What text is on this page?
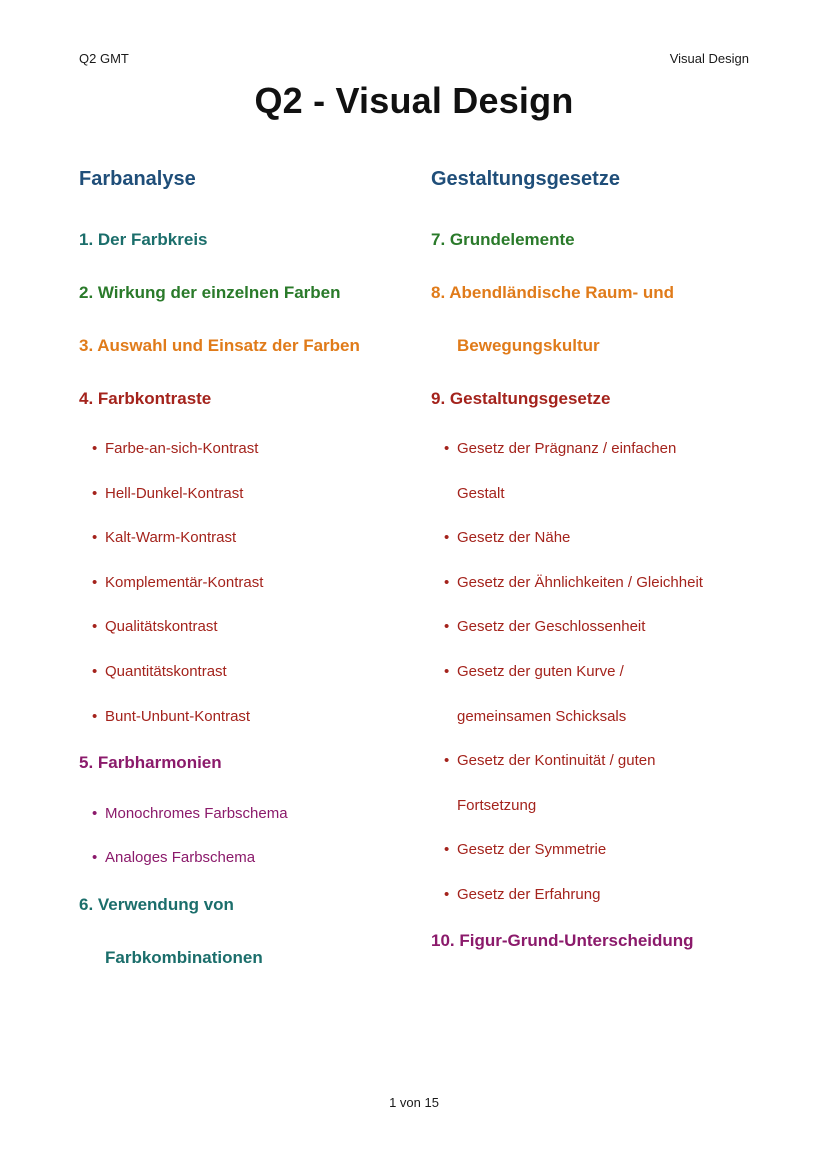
Q2 GMT	Visual Design
Q2 - Visual Design
Farbanalyse
1. Der Farbkreis
2. Wirkung der einzelnen Farben
3. Auswahl und Einsatz der Farben
4. Farbkontraste
• Farbe-an-sich-Kontrast
• Hell-Dunkel-Kontrast
• Kalt-Warm-Kontrast
• Komplementär-Kontrast
• Qualitätskontrast
• Quantitätskontrast
• Bunt-Unbunt-Kontrast
5. Farbharmonien
• Monochromes Farbschema
• Analoges Farbschema
6. Verwendung von
Farbkombinationen
Gestaltungsgesetze
7. Grundelemente
8. Abendländische Raum- und
Bewegungskultur
9. Gestaltungsgesetze
• Gesetz der Prägnanz / einfachen
Gestalt
• Gesetz der Nähe
• Gesetz der Ähnlichkeiten / Gleichheit
• Gesetz der Geschlossenheit
• Gesetz der guten Kurve /
gemeinsamen Schicksals
• Gesetz der Kontinuität / guten
Fortsetzung
• Gesetz der Symmetrie
• Gesetz der Erfahrung
10. Figur-Grund-Unterscheidung
1 von 15
